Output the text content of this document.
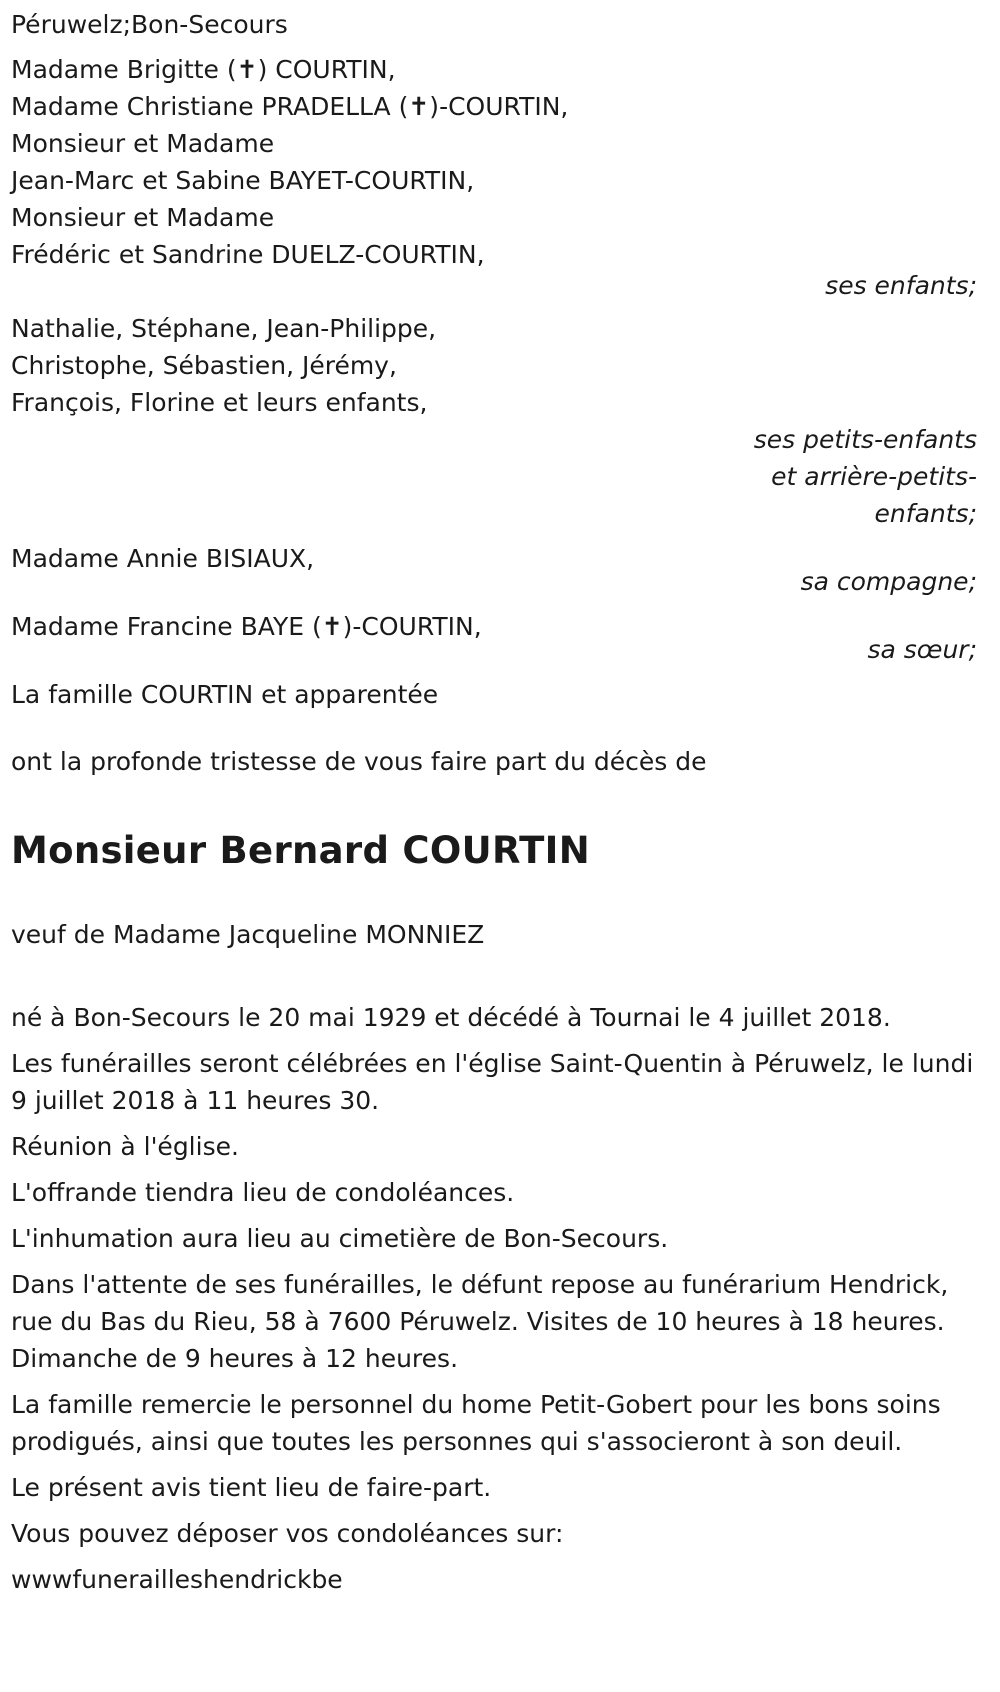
Péruwelz;Bon-Secours
Madame Brigitte (✝) COURTIN,
Madame Christiane PRADELLA (✝)-COURTIN,
Monsieur et Madame
Jean-Marc et Sabine BAYET-COURTIN,
Monsieur et Madame
Frédéric et Sandrine DUELZ-COURTIN,
ses enfants;
Nathalie, Stéphane, Jean-Philippe,
Christophe, Sébastien, Jérémy,
François, Florine et leurs enfants,
ses petits-enfants
et arrière-petits-
enfants;
Madame Annie BISIAUX,
sa compagne;
Madame Francine BAYE (✝)-COURTIN,
sa sœur;
La famille COURTIN et apparentée
ont la profonde tristesse de vous faire part du décès de
Monsieur Bernard COURTIN
veuf de Madame Jacqueline MONNIEZ
né à Bon-Secours le 20 mai 1929 et décédé à Tournai le 4 juillet 2018.
Les funérailles seront célébrées en l'église Saint-Quentin à Péruwelz, le lundi 9 juillet 2018 à 11 heures 30.
Réunion à l'église.
L'offrande tiendra lieu de condoléances.
L'inhumation aura lieu au cimetière de Bon-Secours.
Dans l'attente de ses funérailles, le défunt repose au funérarium Hendrick, rue du Bas du Rieu, 58 à 7600 Péruwelz. Visites de 10 heures à 18 heures. Dimanche de 9 heures à 12 heures.
La famille remercie le personnel du home Petit-Gobert pour les bons soins prodigués, ainsi que toutes les personnes qui s'associeront à son deuil.
Le présent avis tient lieu de faire-part.
Vous pouvez déposer vos condoléances sur:
wwwfunerailleshendrickbe
